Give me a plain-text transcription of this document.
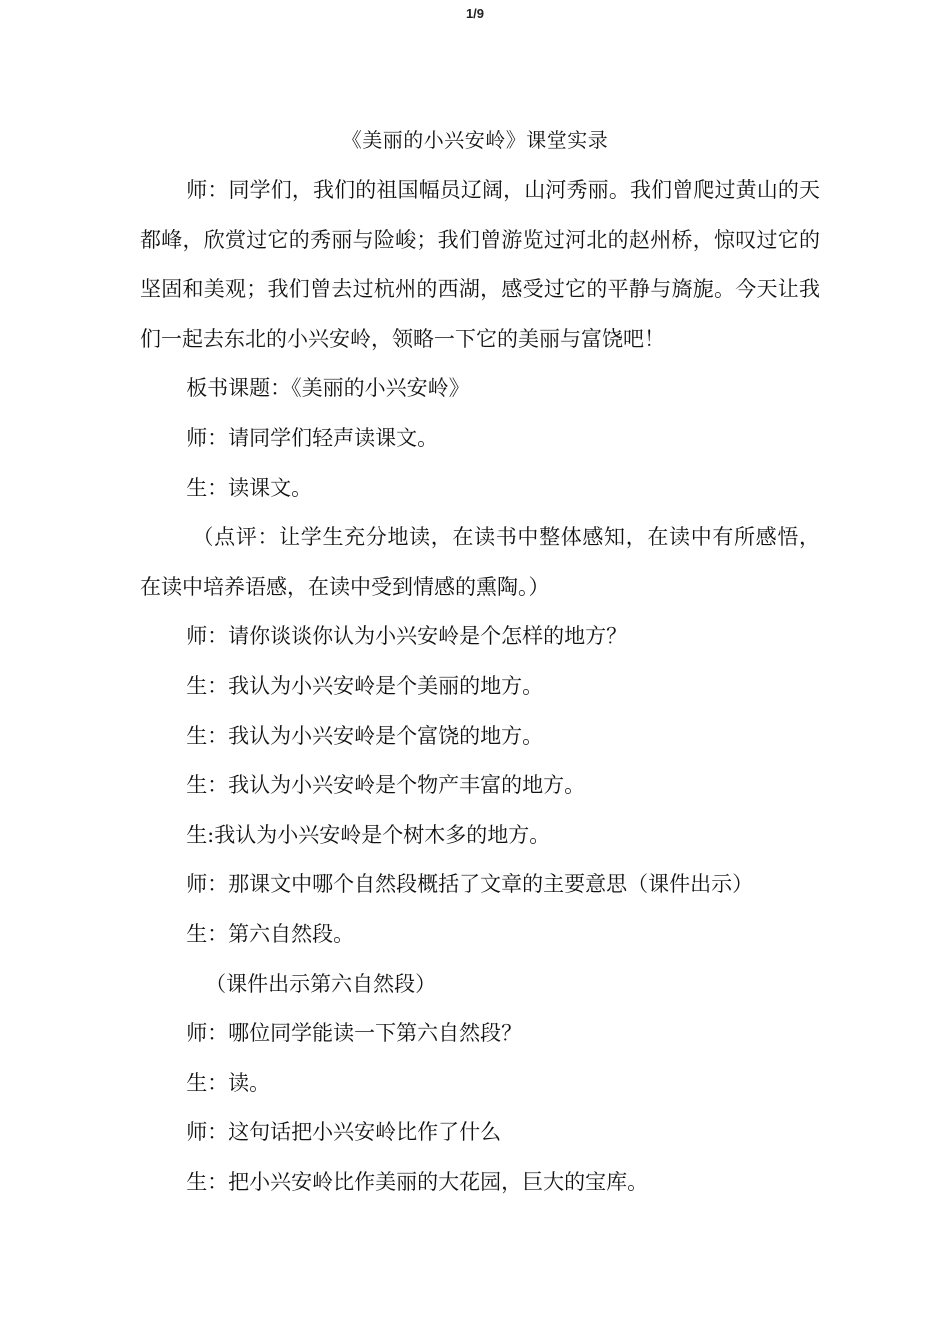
1/9
《美丽的小兴安岭》课堂实录

师：同学们，我们的祖国幅员辽阔，山河秀丽。我们曾爬过黄山的天都峰，欣赏过它的秀丽与险峻；我们曾游览过河北的赵州桥，惊叹过它的坚固和美观；我们曾去过杭州的西湖，感受过它的平静与旖旎。今天让我们一起去东北的小兴安岭，领略一下它的美丽与富饶吧！

板书课题：《美丽的小兴安岭》

师：请同学们轻声读课文。

生：读课文。

（点评：让学生充分地读，在读书中整体感知，在读中有所感悟，在读中培养语感，在读中受到情感的熏陶。）

师：请你谈谈你认为小兴安岭是个怎样的地方？

生：我认为小兴安岭是个美丽的地方。

生：我认为小兴安岭是个富饶的地方。

生：我认为小兴安岭是个物产丰富的地方。

生:我认为小兴安岭是个树木多的地方。

师：那课文中哪个自然段概括了文章的主要意思（课件出示）

生：第六自然段。

（课件出示第六自然段）

师：哪位同学能读一下第六自然段？

生：读。

师：这句话把小兴安岭比作了什么

生：把小兴安岭比作美丽的大花园，巨大的宝库。
